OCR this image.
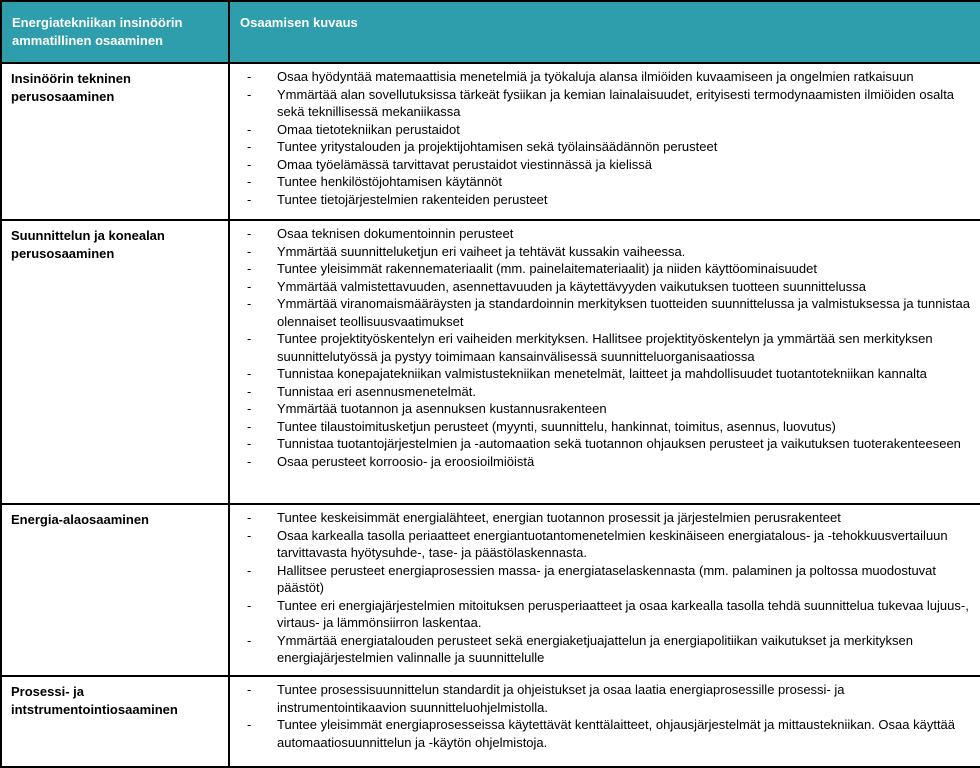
Energiatekniikan insinöörin ammatillinen osaaminen	Osaamisen kuvaus
Insinöörin tekninen perusosaaminen	
- Osaa hyödyntää matemaattisia menetelmiä ja työkaluja alansa ilmiöiden kuvaamiseen ja ongelmien ratkaisuun
- Ymmärtää alan sovellutuksissa tärkeät fysiikan ja kemian lainalaisuudet, erityisesti termodynaamisten ilmiöiden osalta sekä teknillisessä mekaniikassa
- Omaa tietotekniikan perustaidot
- Tuntee yritystalouden ja projektijohtamisen sekä työlainsäädännön perusteet
- Omaa työelämässä tarvittavat perustaidot viestinnässä ja kielissä
- Tuntee henkilöstöjohtamisen käytännöt
- Tuntee tietojärjestelmien rakenteiden perusteet

Suunnittelun ja konealan perusosaaminen	
- Osaa teknisen dokumentoinnin perusteet
- Ymmärtää suunnitteluketjun eri vaiheet ja tehtävät kussakin vaiheessa.
- Tuntee yleisimmät rakennemateriaalit (mm. painelaitemateriaalit) ja niiden käyttöominaisuudet
- Ymmärtää valmistettavuuden, asennettavuuden ja käytettävyyden vaikutuksen tuotteen suunnittelussa
- Ymmärtää viranomaismääräysten ja standardoinnin merkityksen tuotteiden suunnittelussa ja valmistuksessa ja tunnistaa olennaiset teollisuusvaatimukset
- Tuntee projektityöskentelyn eri vaiheiden merkityksen. Hallitsee projektityöskentelyn ja ymmärtää sen merkityksen suunnittelutyössä ja pystyy toimimaan kansainvälisessä suunnitteluorganisaatiossa
- Tunnistaa konepajatekniikan valmistustekniikan menetelmät, laitteet ja mahdollisuudet tuotantotekniikan kannalta
- Tunnistaa eri asennusmenetelmät.
- Ymmärtää tuotannon ja asennuksen kustannusrakenteen
- Tuntee tilaustoimitusketjun perusteet (myynti, suunnittelu, hankinnat, toimitus, asennus, luovutus)
- Tunnistaa tuotantojärjestelmien ja -automaation sekä tuotannon ohjauksen perusteet ja vaikutuksen tuoterakenteeseen
- Osaa perusteet korroosio- ja eroosioilmiöistä

Energia-alaosaaminen	
-Tuntee keskeisimmät energialähteet, energian tuotannon prosessit ja järjestelmien perusrakenteet
- Osaa karkealla tasolla periaatteet energiantuotantomenetelmien keskinäiseen energiatalous- ja -tehokkuusvertailuun tarvittavasta hyötysuhde-, tase- ja päästölaskennasta.
- Hallitsee perusteet energiaprosessien massa- ja energiataselaskennasta (mm. palaminen ja poltossa muodostuvat päästöt)
- Tuntee eri energiajärjestelmien mitoituksen perusperiaatteet ja osaa karkealla tasolla tehdä suunnittelua tukevaa lujuus-, virtaus- ja lämmönsiirron laskentaa.
- Ymmärtää energiatalouden perusteet sekä energiaketjuajattelun ja energiapolitiikan vaikutukset ja merkityksen energiajärjestelmien valinnalle ja suunnittelulle

Prosessi- ja intstrumentointiosaaminen	
- Tuntee prosessisuunnittelun standardit ja ohjeistukset ja osaa laatia energiaprosessille prosessi- ja instrumentointikaavion suunnitteluohjelmistolla.
- Tuntee yleisimmät energiaprosesseissa käytettävät kenttälaitteet, ohjausjärjestelmät ja mittaustekniikan. Osaa käyttää automaatiosuunnittelun ja -käytön ohjelmistoja.
